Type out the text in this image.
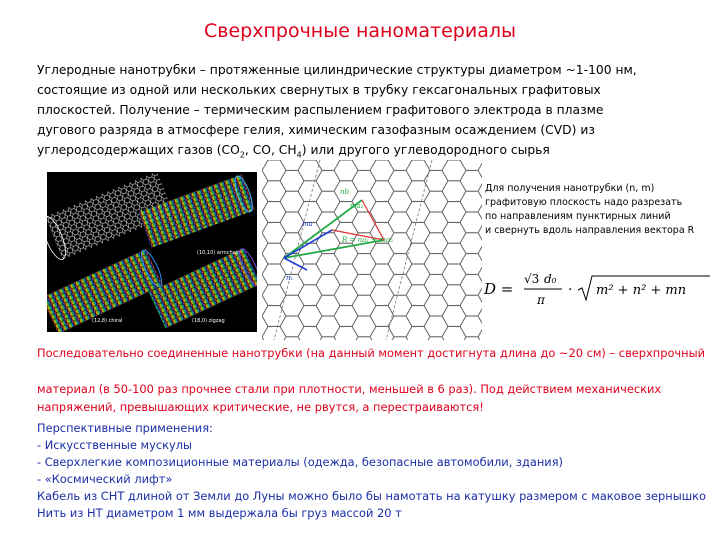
Сверхпрочные наноматериалы
Углеродные нанотрубки – протяженные цилиндрические структуры диаметром ~1-100 нм,
состоящие из одной или нескольких свернутых в трубку гексагональных графитовых
плоскостей. Получение – термическим распылением графитового электрода в плазме
дугового разряда в атмосфере гелия, химическим газофазным осаждением (CVD) из
углеродсодержащих газов ($CO_2$, CO, $CH_4$) или другого углеводородного сырья
(10,10) armchair
(12,8) chiral	(18,0) zigzag
nb
ma₂
R = na₁ + ma₂
ma
n₁
Для получения нанотрубки (n, m)
графитовую плоскость надо разрезать
по направлениям пунктирных линий
и свернуть вдоль направления вектора R
D =
√3 d₀
π
· m² + n² + mn

Последовательно соединенные нанотрубки (на данный момент достигнута длина до ~20 см) – сверхпрочный

материал (в 50-100 раз прочнее стали при плотности, меньшей в 6 раз). Под действием механических

напряжений, превышающих критические, не рвутся, а перестраиваются!

Перспективные применения:
- Искусственные мускулы
- Сверхлегкие композиционные материалы (одежда, безопасные автомобили, здания)
- «Космический лифт»
Кабель из CНТ длиной от Земли до Луны можно было бы намотать на катушку размером с маковое зернышко
Нить из НТ диаметром 1 мм выдержала бы груз массой 20 т
